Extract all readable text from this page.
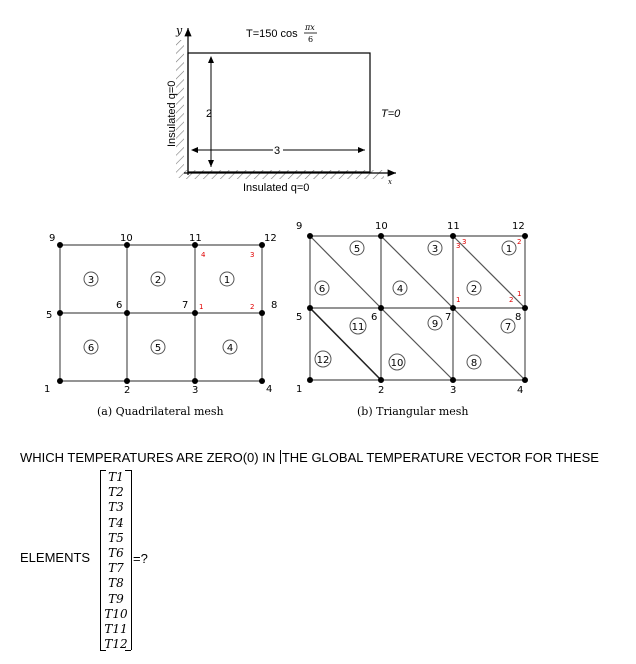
y
x
T=150 cos
πx
6
T=0
Insulated q=0
Insulated q=0
2
3
1	2	3	4
5
6	7	8
9	10	11	12
1
2
3
4
5
6
4	3
1	2
(a) Quadrilateral mesh
1	2	3	4
5	6	7	8
9	10	11	12
1
2
3
4
5
6
7
8
9
10
11
12
3 3	2
1	2
1
(b) Triangular mesh
WHICH TEMPERATURES ARE ZERO(0) IN THE GLOBAL TEMPERATURE VECTOR FOR THESE
ELEMENTS
T1
T2
T3
T4
T5
T6
T7
T8
T9
T10
T11
T12
=?
